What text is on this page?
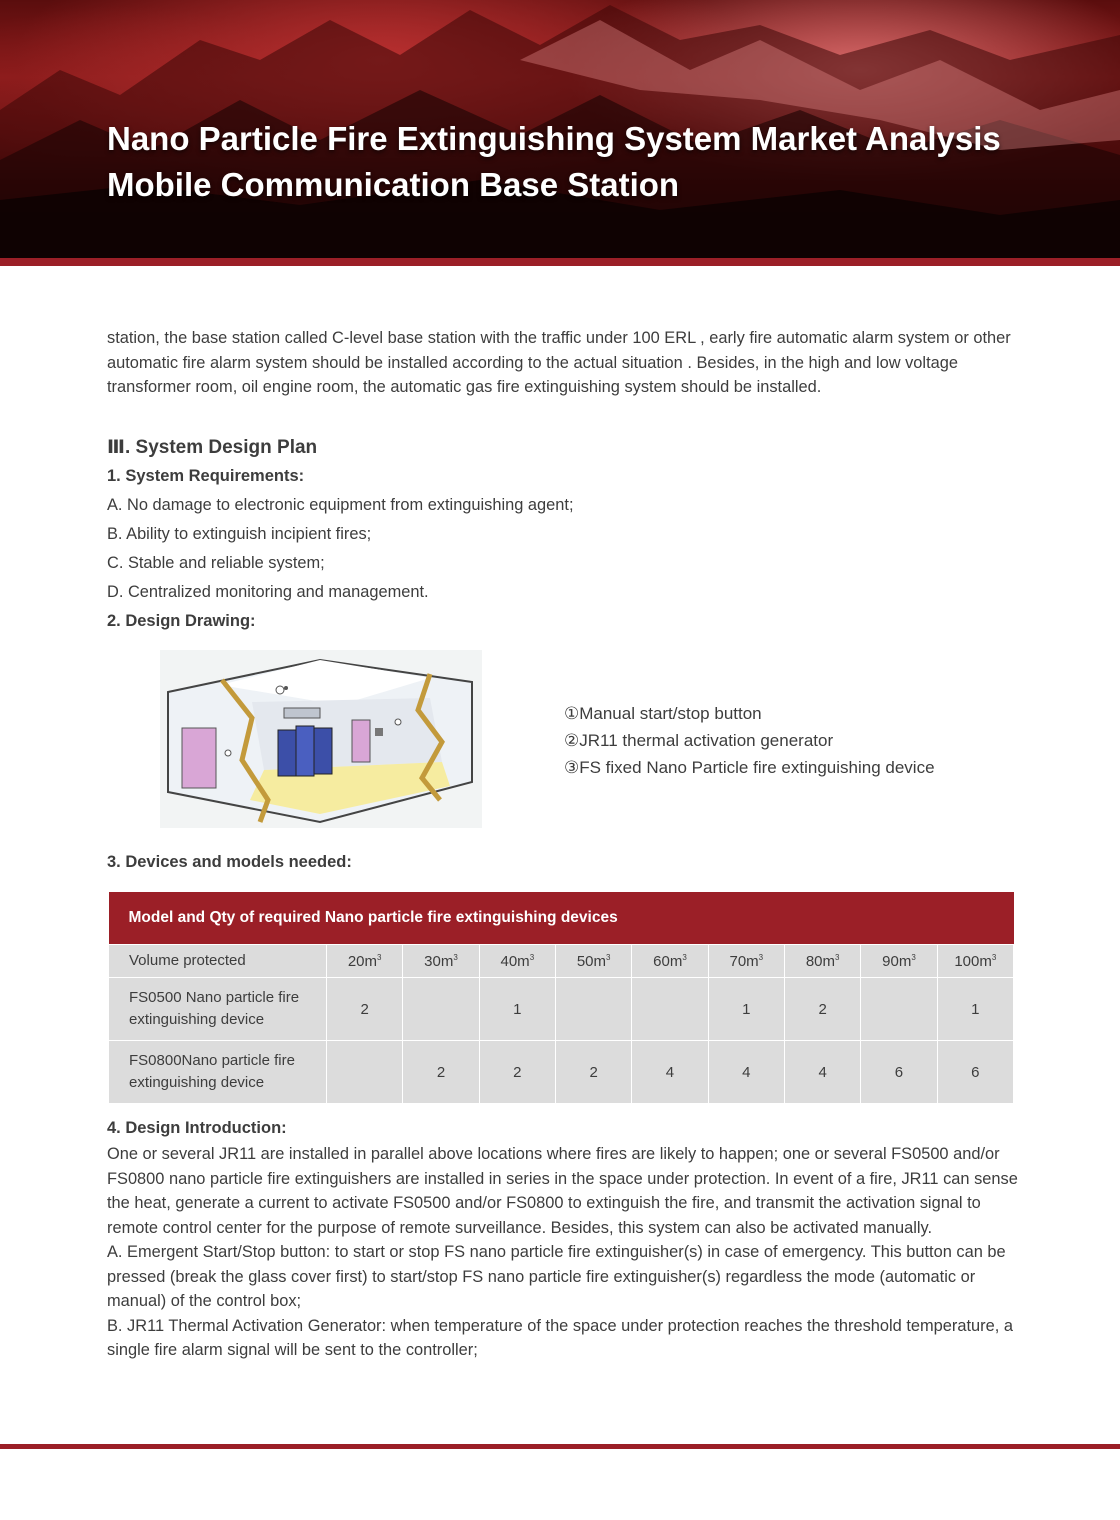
Nano Particle Fire Extinguishing System Market Analysis
Mobile Communication Base Station

station, the base station called C-level base station with the traffic under 100 ERL , early fire automatic alarm system or other automatic fire alarm system should be installed according to the actual situation . Besides, in the high and low voltage transformer room, oil engine room, the automatic gas fire extinguishing system should be installed.

Ⅲ. System Design Plan
1. System Requirements:
A. No damage to electronic equipment from extinguishing agent;
B. Ability to extinguish incipient fires;
C. Stable and reliable system;
D. Centralized monitoring and management.
2. Design Drawing:
①Manual start/stop button
②JR11 thermal activation generator
③FS fixed Nano Particle fire extinguishing device
3. Devices and models needed:
Model and Qty of required Nano particle fire extinguishing devices									
Volume protected	$20m^3$	$30m^3$	$40m^3$	$50m^3$	$60m^3$	$70m^3$	$80m^3$	$90m^3$	$100m^3$
FS0500 Nano particle fire
extinguishing device	2		1			1	2		1
FS0800Nano particle fire
extinguishing device		2	2	2	4	4	4	6	6
4. Design Introduction:

One or several JR11 are installed in parallel above locations where fires are likely to happen; one or several FS0500 and/or FS0800 nano particle fire extinguishers are installed in series in the space under protection. In event of a fire, JR11 can sense the heat, generate a current to activate FS0500 and/or FS0800 to extinguish the fire, and transmit the activation signal to remote control center for the purpose of remote surveillance. Besides, this system can also be activated manually.

A. Emergent Start/Stop button: to start or stop FS nano particle fire extinguisher(s) in case of emergency. This button can be pressed (break the glass cover first) to start/stop FS nano particle fire extinguisher(s) regardless the mode (automatic or manual) of the control box;

B. JR11 Thermal Activation Generator: when temperature of the space under protection reaches the threshold temperature, a single fire alarm signal will be sent to the controller;
